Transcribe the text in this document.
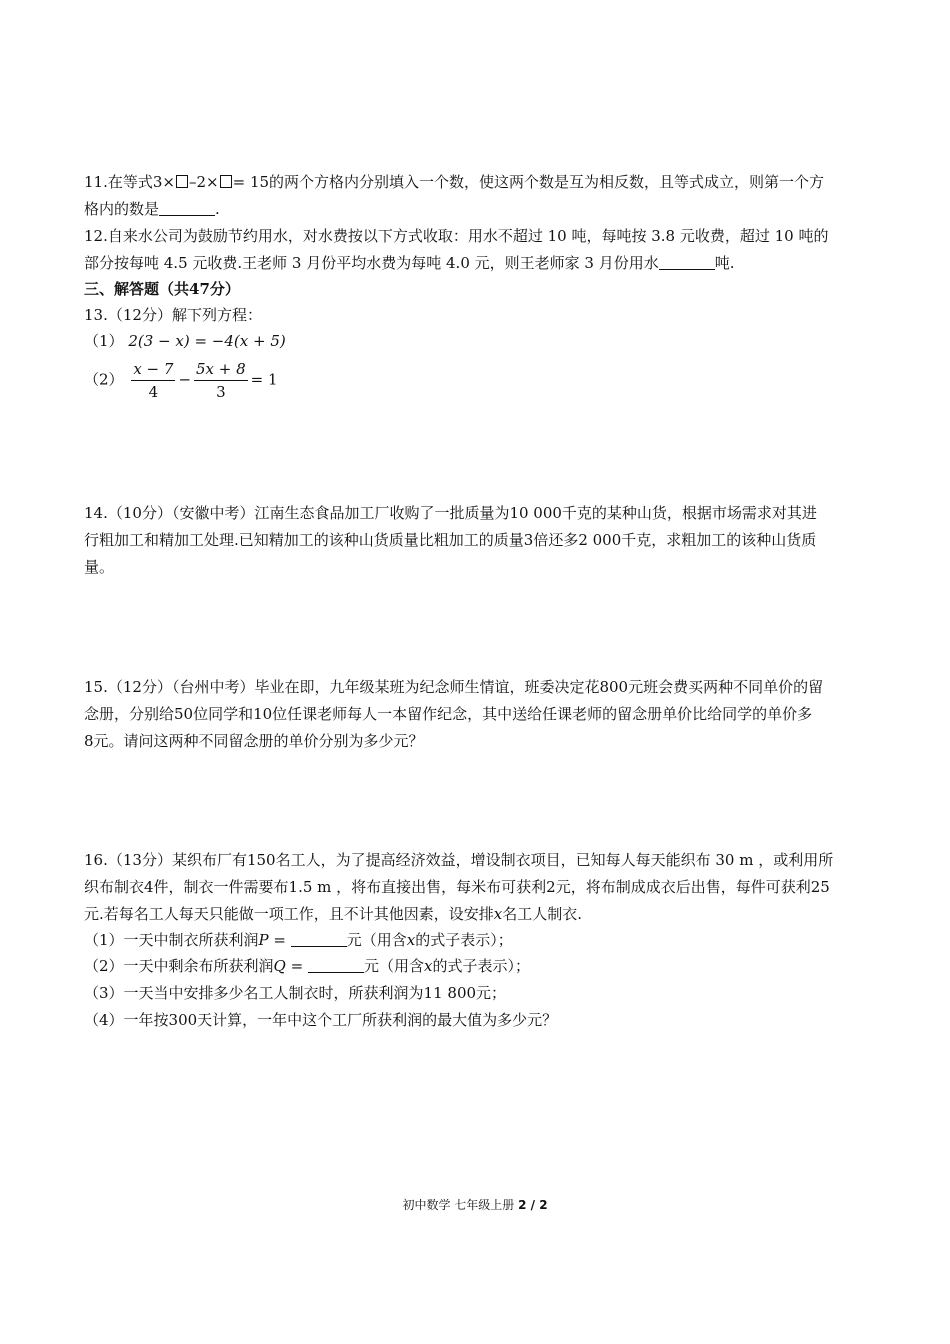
11.在等式3× –2× = 15的两个方格内分别填入一个数，使这两个数是互为相反数，且等式成立，则第一个方
格内的数是	.
12.自来水公司为鼓励节约用水，对水费按以下方式收取：用水不超过 10 吨，每吨按 3.8 元收费，超过 10 吨的
部分按每吨 4.5 元收费.王老师 3 月份平均水费为每吨 4.0 元，则王老师家 3 月份用水	吨.
三、解答题（共47分）
13.（12分）解下列方程：
（1） 2(3 − x) = −4(x + 5)
$(2) \frac{x - 7}{4} - \frac{5x + 8}{3} = 1$
14.（10分）（安徽中考）江南生态食品加工厂收购了一批质量为10 000千克的某种山货，根据市场需求对其进
行粗加工和精加工处理.已知精加工的该种山货质量比粗加工的质量3倍还多2 000千克，求粗加工的该种山货质
量。
15.（12分）（台州中考）毕业在即，九年级某班为纪念师生情谊，班委决定花800元班会费买两种不同单价的留
念册，分别给50位同学和10位任课老师每人一本留作纪念，其中送给任课老师的留念册单价比给同学的单价多
8元。请问这两种不同留念册的单价分别为多少元？
16.（13分）某织布厂有150名工人，为了提高经济效益，增设制衣项目，已知每人每天能织布 30 m ，或利用所
织布制衣4件，制衣一件需要布1.5 m ，将布直接出售，每米布可获利2元，将布制成成衣后出售，每件可获利25
元.若每名工人每天只能做一项工作，且不计其他因素，设安排x名工人制衣.
（1）一天中制衣所获利润P =	元（用含x的式子表示）；
（2）一天中剩余布所获利润Q =	元（用含x的式子表示）；
（3）一天当中安排多少名工人制衣时，所获利润为11 800元；
（4）一年按300天计算，一年中这个工厂所获利润的最大值为多少元？
初中数学 七年级上册 2 / 2
